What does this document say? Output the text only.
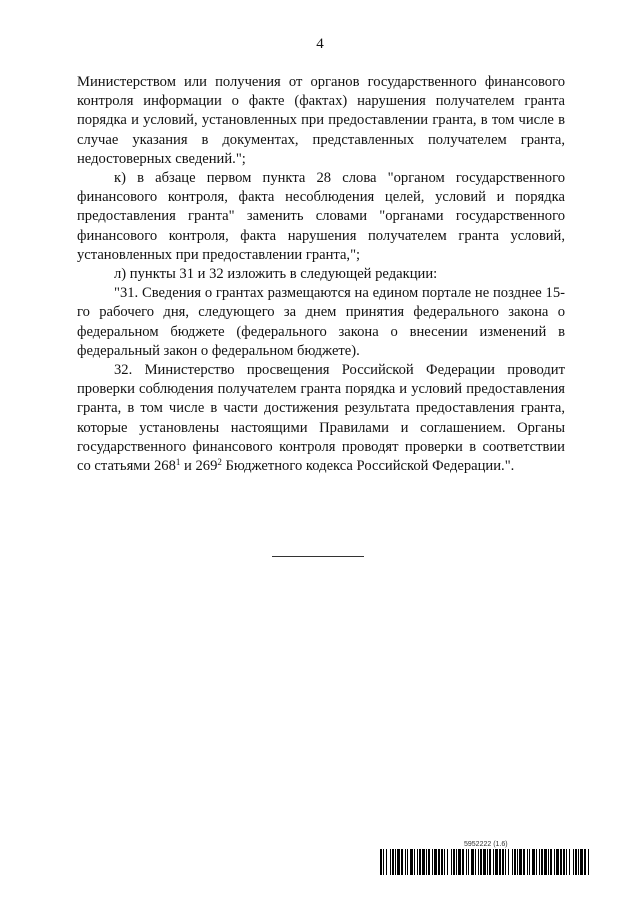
4

Министерством или получения от органов государственного финансового контроля информации о факте (фактах) нарушения получателем гранта порядка и условий, установленных при предоставлении гранта, в том числе в случае указания в документах, представленных получателем гранта, недостоверных сведений.";

к) в абзаце первом пункта 28 слова "органом государственного финансового контроля, факта несоблюдения целей, условий и порядка предоставления гранта" заменить словами "органами государственного финансового контроля, факта нарушения получателем гранта условий, установленных при предоставлении гранта,";

л) пункты 31 и 32 изложить в следующей редакции:

"31. Сведения о грантах размещаются на едином портале не позднее 15-го рабочего дня, следующего за днем принятия федерального закона о федеральном бюджете (федерального закона о внесении изменений в федеральный закон о федеральном бюджете).

32. Министерство просвещения Российской Федерации проводит проверки соблюдения получателем гранта порядка и условий предоставления гранта, в том числе в части достижения результата предоставления гранта, которые установлены настоящими Правилами и соглашением. Органы государственного финансового контроля проводят проверки в соответствии со статьями $268^1$ и $269^2$ Бюджетного кодекса Российской Федерации.".

5952222 (1.6)
